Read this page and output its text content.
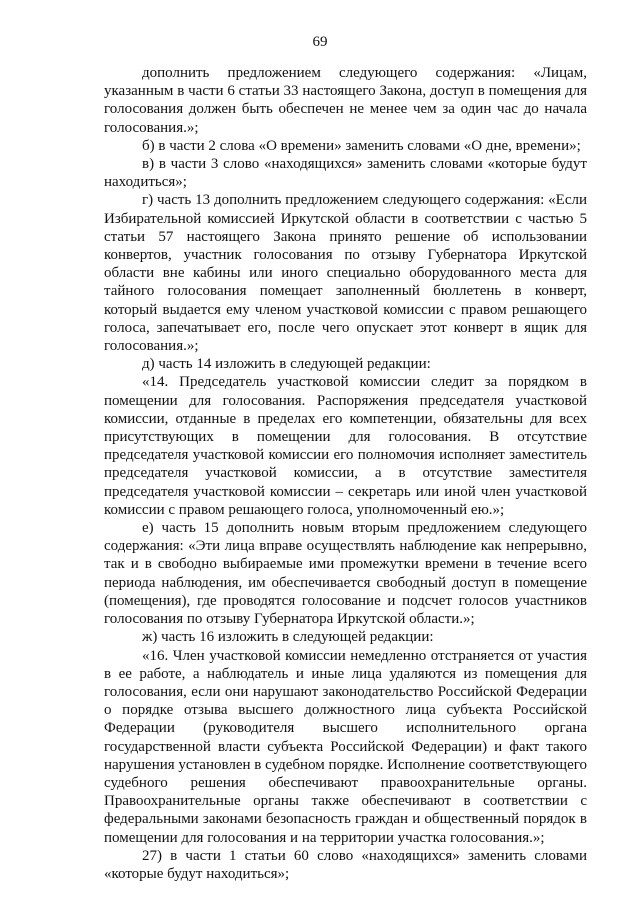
69

дополнить предложением следующего содержания: «Лицам, указанным в части 6 статьи 33 настоящего Закона, доступ в помещения для голосования должен быть обеспечен не менее чем за один час до начала голосования.»;

б) в части 2 слова «О времени» заменить словами «О дне, времени»;

в) в части 3 слово «находящихся» заменить словами «которые будут находиться»;

г) часть 13 дополнить предложением следующего содержания: «Если Избирательной комиссией Иркутской области в соответствии с частью 5 статьи 57 настоящего Закона принято решение об использовании конвертов, участник голосования по отзыву Губернатора Иркутской области вне кабины или иного специально оборудованного места для тайного голосования помещает заполненный бюллетень в конверт, который выдается ему членом участковой комиссии с правом решающего голоса, запечатывает его, после чего опускает этот конверт в ящик для голосования.»;

д) часть 14 изложить в следующей редакции:

«14. Председатель участковой комиссии следит за порядком в помещении для голосования. Распоряжения председателя участковой комиссии, отданные в пределах его компетенции, обязательны для всех присутствующих в помещении для голосования. В отсутствие председателя участковой комиссии его полномочия исполняет заместитель председателя участковой комиссии, а в отсутствие заместителя председателя участковой комиссии – секретарь или иной член участковой комиссии с правом решающего голоса, уполномоченный ею.»;

е) часть 15 дополнить новым вторым предложением следующего содержания: «Эти лица вправе осуществлять наблюдение как непрерывно, так и в свободно выбираемые ими промежутки времени в течение всего периода наблюдения, им обеспечивается свободный доступ в помещение (помещения), где проводятся голосование и подсчет голосов участников голосования по отзыву Губернатора Иркутской области.»;

ж) часть 16 изложить в следующей редакции:

«16. Член участковой комиссии немедленно отстраняется от участия в ее работе, а наблюдатель и иные лица удаляются из помещения для голосования, если они нарушают законодательство Российской Федерации о порядке отзыва высшего должностного лица субъекта Российской Федерации (руководителя высшего исполнительного органа государственной власти субъекта Российской Федерации) и факт такого нарушения установлен в судебном порядке. Исполнение соответствующего судебного решения обеспечивают правоохранительные органы. Правоохранительные органы также обеспечивают в соответствии с федеральными законами безопасность граждан и общественный порядок в помещении для голосования и на территории участка голосования.»;

27) в части 1 статьи 60 слово «находящихся» заменить словами «которые будут находиться»;
